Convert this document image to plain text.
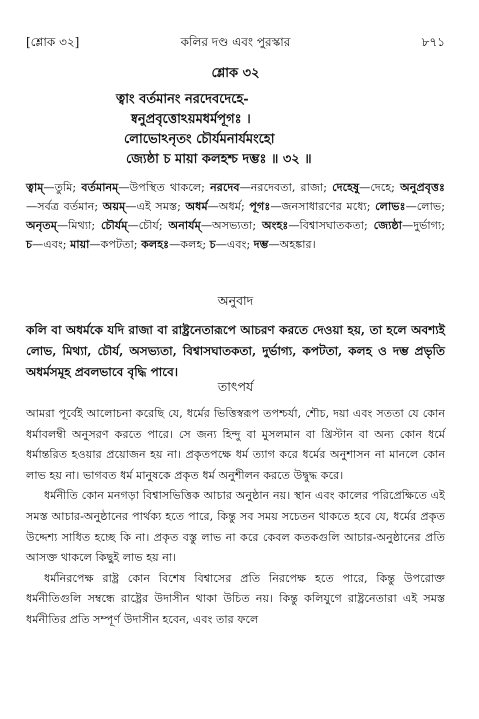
[শ্লোক ৩২]	কলির দণ্ড এবং পুরস্কার	৮৭১
শ্লোক ৩২
ত্বাং বর্তমানং নরদেবদেহে-
ষ্বনুপ্রবৃত্তোঽয়মধর্মপূগঃ ।
লোভোঽনৃতং চৌর্যমনার্যমংহো
জ্যেষ্ঠা চ মায়া কলহশ্চ দম্ভঃ ॥ ৩২ ॥
ত্বাম্—তুমি; বর্তমানম্—উপস্থিত থাকলে; নরদেব—নরদেবতা, রাজা; দেহেষু—দেহে; অনুপ্রবৃত্তঃ—সর্বত্র বর্তমান; অয়ম্—এই সমস্ত; অধর্ম—অধর্ম; পূগঃ—জনসাধারণের মধ্যে; লোভঃ—লোভ; অনৃতম্—মিথ্যা; চৌর্যম্—চৌর্য; অনার্যম্—অসভ্যতা; অংহঃ—বিশ্বাসঘাতকতা; জ্যেষ্ঠা—দুর্ভাগ্য; চ—এবং; মায়া—কপটতা; কলহঃ—কলহ; চ—এবং; দম্ভ—অহঙ্কার।
অনুবাদ
কলি বা অধর্মকে যদি রাজা বা রাষ্ট্রনেতারূপে আচরণ করতে দেওয়া হয়, তা হলে অবশ্যই লোভ, মিথ্যা, চৌর্য, অসভ্যতা, বিশ্বাসঘাতকতা, দুর্ভাগ্য, কপটতা, কলহ ও দম্ভ প্রভৃতি অধর্মসমূহ প্রবলভাবে বৃদ্ধি পাবে।
তাৎপর্য

আমরা পূর্বেই আলোচনা করেছি যে, ধর্মের ভিত্তিস্বরূপ তপশ্চর্যা, শৌচ, দয়া এবং সততা যে কোন ধর্মাবলম্বী অনুসরণ করতে পারে। সে জন্য হিন্দু বা মুসলমান বা খ্রিস্টান বা অন্য কোন ধর্মে ধর্মান্তরিত হওয়ার প্রয়োজন হয় না। প্রকৃতপক্ষে ধর্ম ত্যাগ করে ধর্মের অনুশাসন না মানলে কোন লাভ হয় না। ভাগবত ধর্ম মানুষকে প্রকৃত ধর্ম অনুশীলন করতে উদ্বুদ্ধ করে।

ধর্মনীতি কোন মনগড়া বিশ্বাসভিত্তিক আচার অনুষ্ঠান নয়। স্থান এবং কালের পরিপ্রেক্ষিতে এই সমস্ত আচার-অনুষ্ঠানের পার্থক্য হতে পারে, কিন্তু সব সময় সচেতন থাকতে হবে যে, ধর্মের প্রকৃত উদ্দেশ্য সাধিত হচ্ছে কি না। প্রকৃত বস্তু লাভ না করে কেবল কতকগুলি আচার-অনুষ্ঠানের প্রতি আসক্ত থাকলে কিছুই লাভ হয় না।

ধর্মনিরপেক্ষ রাষ্ট্র কোন বিশেষ বিশ্বাসের প্রতি নিরপেক্ষ হতে পারে, কিন্তু উপরোক্ত ধর্মনীতিগুলি সম্বন্ধে রাষ্ট্রের উদাসীন থাকা উচিত নয়। কিন্তু কলিযুগে রাষ্ট্রনেতারা এই সমস্ত ধর্মনীতির প্রতি সম্পূর্ণ উদাসীন হবেন, এবং তার ফলে
